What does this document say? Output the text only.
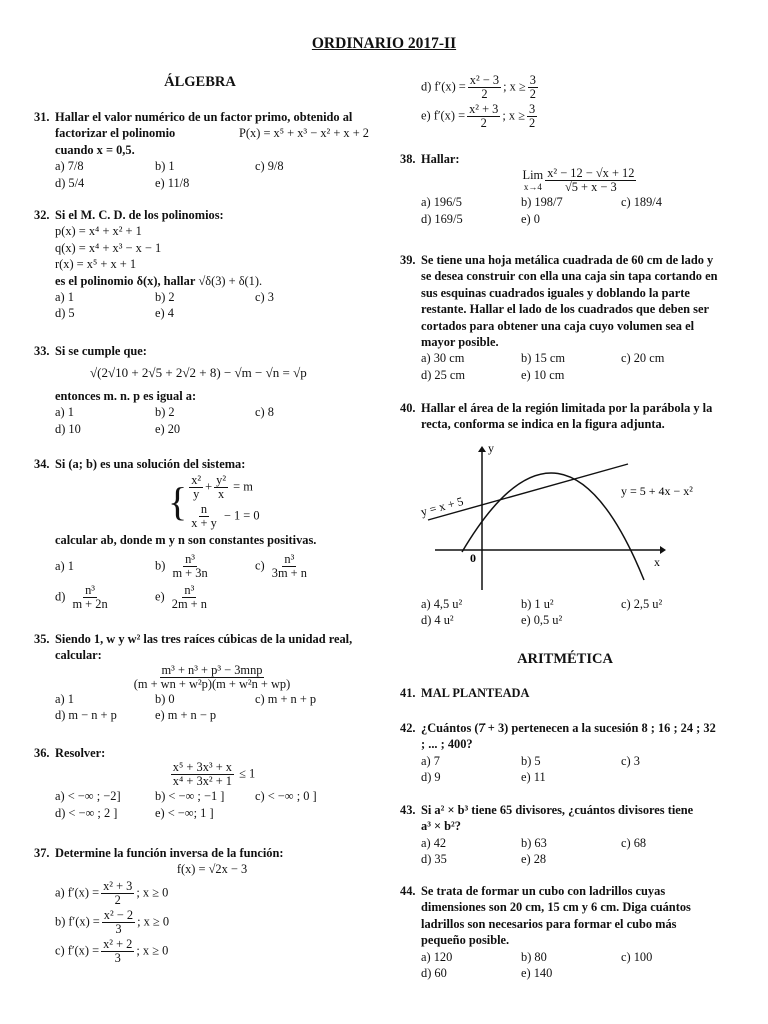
ORDINARIO 2017-II
ÁLGEBRA
ARITMÉTICA
31. Hallar el valor numérico de un factor primo, obtenido al
factorizar el polinomio	P(x) = x⁵ + x³ − x² + x + 2
cuando x = 0,5.
a) 7/8	b) 1	c) 9/8
d) 5/4	e) 11/8
32. Si el M. C. D. de los polinomios:
p(x) = x⁴ + x² + 1
q(x) = x⁴ + x³ − x − 1
r(x) = x⁵ + x + 1
es el polinomio δ(x), hallar √δ(3) + δ(1).
a) 1	b) 2	c) 3
d) 5	e) 4
33. Si se cumple que:
√(2√10 + 2√5 + 2√2 + 8) − √m − √n = √p
entonces m. n. p es igual a:
a) 1	b) 2	c) 8
d) 10	e) 20
34. Si (a; b) es una solución del sistema:
{ $\frac{\text{x²}}{y} + \frac{\text{y²}}{x} = m$
$\frac{n}{x + y} - 1 = 0$
calcular ab, donde m y n son constantes positivas.
a) 1	$b) \frac{\text{n³}}{m + 3n}$	$c) \frac{\text{n³}}{3m + n}$
$d) \frac{\text{n³}}{m + 2n}$	$e) \frac{\text{n³}}{2m + n}$
35. Siendo 1, w y w² las tres raíces cúbicas de la unidad real,
calcular:
$\frac{\text{m³ + n³ + p³ − 3mnp}}{\text{(m + wn + w²p)(m + w²n + wp)}}$
a) 1	b) 0	c) m + n + p
d) m − n + p	e) m + n − p
36. Resolver:
$\frac{\text{x⁵ + 3x³ + x}}{\text{x⁴ + 3x² + 1}} \le 1$
a) < −∞ ; −2]	b) < −∞ ; −1 ]	c) < −∞ ; 0 ]
d) < −∞ ; 2 ]	e) < −∞; 1 ]
37. Determine la función inversa de la función:
f(x) = √2x − 3
a) $f'(x) = \frac{\text{x² + 3}}{2}$ ; x ≥ 0
b) $f'(x) = \frac{\text{x² − 2}}{3}$ ; x ≥ 0
c) $f'(x) = \frac{\text{x² + 2}}{3}$ ; x ≥ 0
d) $f'(x) = \frac{\text{x² − 3}}{2}$ ; $x \ge \frac{3}{2}$
e) $f'(x) = \frac{\text{x² + 3}}{2}$ ; $x \ge \frac{3}{2}$
38. Hallar:
Lim
$x\to 4 \frac{\text{x² − 12 − √x + 12}}{√5 + x - 3}$
a) 196/5	b) 198/7	c) 189/4
d) 169/5	e) 0
39. Se tiene una hoja metálica cuadrada de 60 cm de lado y
se desea construir con ella una caja sin tapa cortando en
sus esquinas cuadrados iguales y doblando la parte
restante. Hallar el lado de los cuadrados que deben ser
cortados para obtener una caja cuyo volumen sea el
mayor posible.
a) 30 cm	b) 15 cm	c) 20 cm
d) 25 cm	e) 10 cm
40. Hallar el área de la región limitada por la parábola y la
recta, conforma se indica en la figura adjunta.
y
x
0
y = x + 5
y = 5 + 4x − x²
a) 4,5 u²	b) 1 u²	c) 2,5 u²
d) 4 u²	e) 0,5 u²
41. MAL PLANTEADA
42. ¿Cuántos (7̇ + 3) pertenecen a la sucesión 8 ; 16 ; 24 ; 32
; ... ; 400?
a) 7	b) 5	c) 3
d) 9	e) 11
43. Si a² × b³ tiene 65 divisores, ¿cuántos divisores tiene
a³ × b²?
a) 42	b) 63	c) 68
d) 35	e) 28
44. Se trata de formar un cubo con ladrillos cuyas
dimensiones son 20 cm, 15 cm y 6 cm. Diga cuántos
ladrillos son necesarios para formar el cubo más
pequeño posible.
a) 120	b) 80	c) 100
d) 60	e) 140
